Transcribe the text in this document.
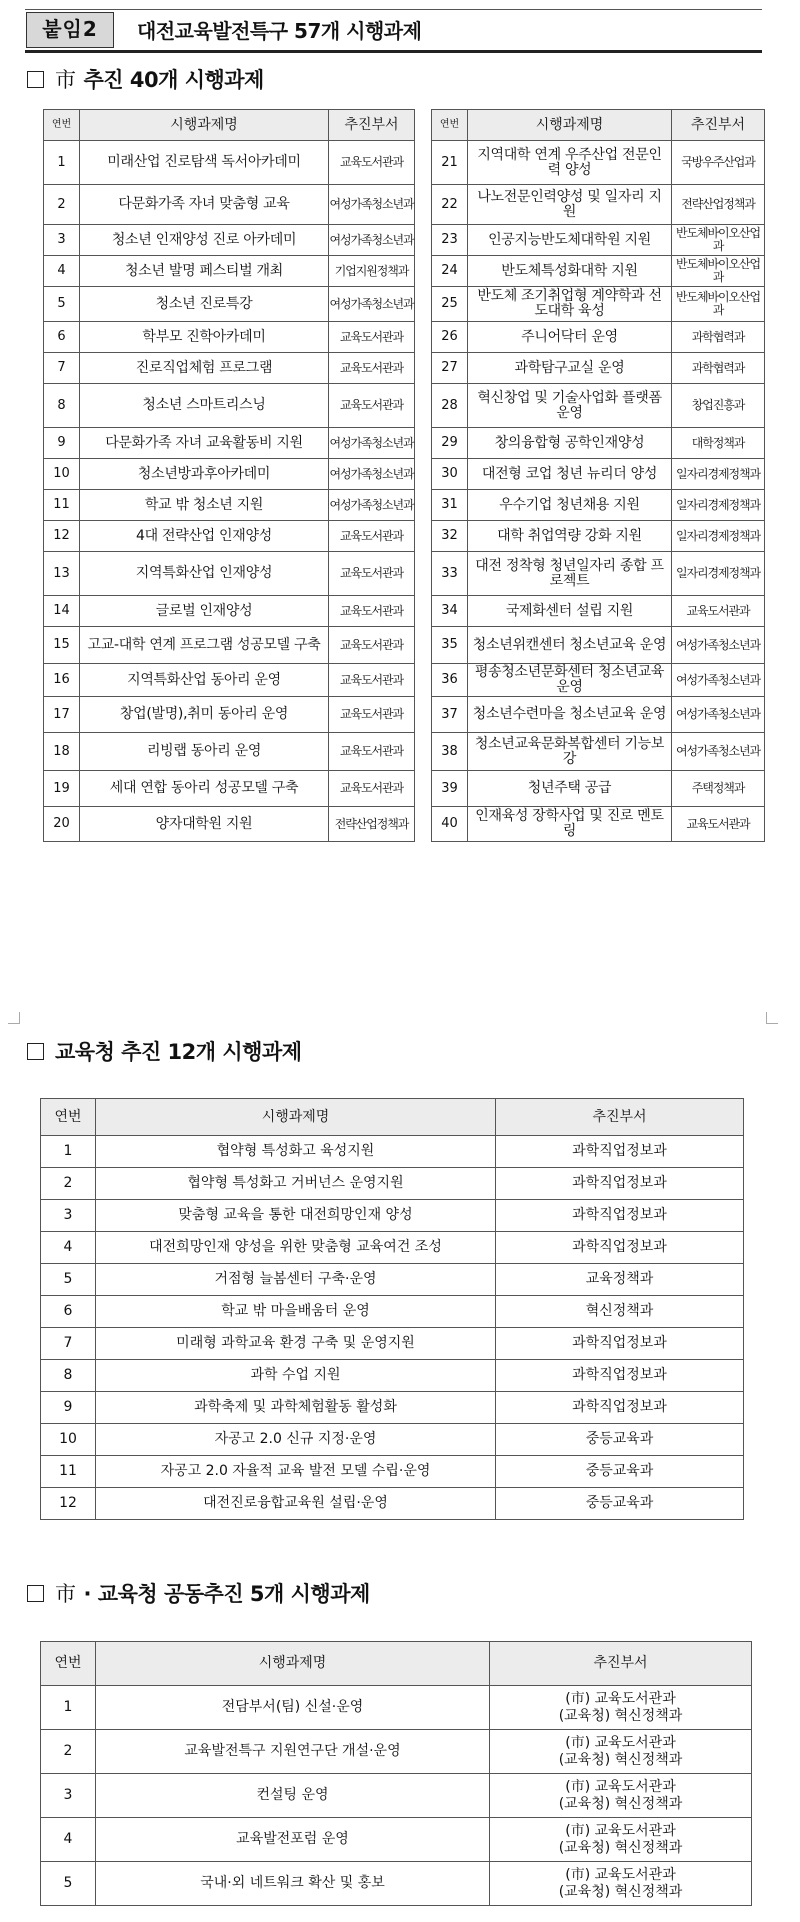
붙임2	대전교육발전특구 57개 시행과제
市 추진 40개 시행과제
연번	시행과제명	추진부서
1	미래산업 진로탐색 독서아카데미	교육도서관과
2	다문화가족 자녀 맞춤형 교육	여성가족청소년과
3	청소년 인재양성 진로 아카데미	여성가족청소년과
4	청소년 발명 페스티벌 개최	기업지원정책과
5	청소년 진로특강	여성가족청소년과
6	학부모 진학아카데미	교육도서관과
7	진로직업체험 프로그램	교육도서관과
8	청소년 스마트리스닝	교육도서관과
9	다문화가족 자녀 교육활동비 지원	여성가족청소년과
10	청소년방과후아카데미	여성가족청소년과
11	학교 밖 청소년 지원	여성가족청소년과
12	4대 전략산업 인재양성	교육도서관과
13	지역특화산업 인재양성	교육도서관과
14	글로벌 인재양성	교육도서관과
15	고교-대학 연계 프로그램 성공모델 구축	교육도서관과
16	지역특화산업 동아리 운영	교육도서관과
17	창업(발명),취미 동아리 운영	교육도서관과
18	리빙랩 동아리 운영	교육도서관과
19	세대 연합 동아리 성공모델 구축	교육도서관과
20	양자대학원 지원	전략산업정책과
연번	시행과제명	추진부서
21	지역대학 연계 우주산업 전문인력 양성	국방우주산업과
22	나노전문인력양성 및 일자리 지원	전략산업정책과
23	인공지능반도체대학원 지원	반도체바이오산업과
24	반도체특성화대학 지원	반도체바이오산업과
25	반도체 조기취업형 계약학과 선도대학 육성	반도체바이오산업과
26	주니어닥터 운영	과학협력과
27	과학탐구교실 운영	과학협력과
28	혁신창업 및 기술사업화 플랫폼 운영	창업진흥과
29	창의융합형 공학인재양성	대학정책과
30	대전형 코업 청년 뉴리더 양성	일자리경제정책과
31	우수기업 청년채용 지원	일자리경제정책과
32	대학 취업역량 강화 지원	일자리경제정책과
33	대전 정착형 청년일자리 종합 프로젝트	일자리경제정책과
34	국제화센터 설립 지원	교육도서관과
35	청소년위캔센터 청소년교육 운영	여성가족청소년과
36	평송청소년문화센터 청소년교육 운영	여성가족청소년과
37	청소년수련마을 청소년교육 운영	여성가족청소년과
38	청소년교육문화복합센터 기능보강	여성가족청소년과
39	청년주택 공급	주택정책과
40	인재육성 장학사업 및 진로 멘토링	교육도서관과
교육청 추진 12개 시행과제
연번	시행과제명	추진부서
1	협약형 특성화고 육성지원	과학직업정보과
2	협약형 특성화고 거버넌스 운영지원	과학직업정보과
3	맞춤형 교육을 통한 대전희망인재 양성	과학직업정보과
4	대전희망인재 양성을 위한 맞춤형 교육여건 조성	과학직업정보과
5	거점형 늘봄센터 구축·운영	교육정책과
6	학교 밖 마을배움터 운영	혁신정책과
7	미래형 과학교육 환경 구축 및 운영지원	과학직업정보과
8	과학 수업 지원	과학직업정보과
9	과학축제 및 과학체험활동 활성화	과학직업정보과
10	자공고 2.0 신규 지정·운영	중등교육과
11	자공고 2.0 자율적 교육 발전 모델 수립·운영	중등교육과
12	대전진로융합교육원 설립·운영	중등교육과
市 · 교육청 공동추진 5개 시행과제
연번	시행과제명	추진부서
1	전담부서(팀) 신설·운영	(市) 교육도서관과
(교육청) 혁신정책과

2	교육발전특구 지원연구단 개설·운영	(市) 교육도서관과
(교육청) 혁신정책과

3	컨설팅 운영	(市) 교육도서관과
(교육청) 혁신정책과

4	교육발전포럼 운영	(市) 교육도서관과
(교육청) 혁신정책과

5	국내·외 네트워크 확산 및 홍보	(市) 교육도서관과
(교육청) 혁신정책과
